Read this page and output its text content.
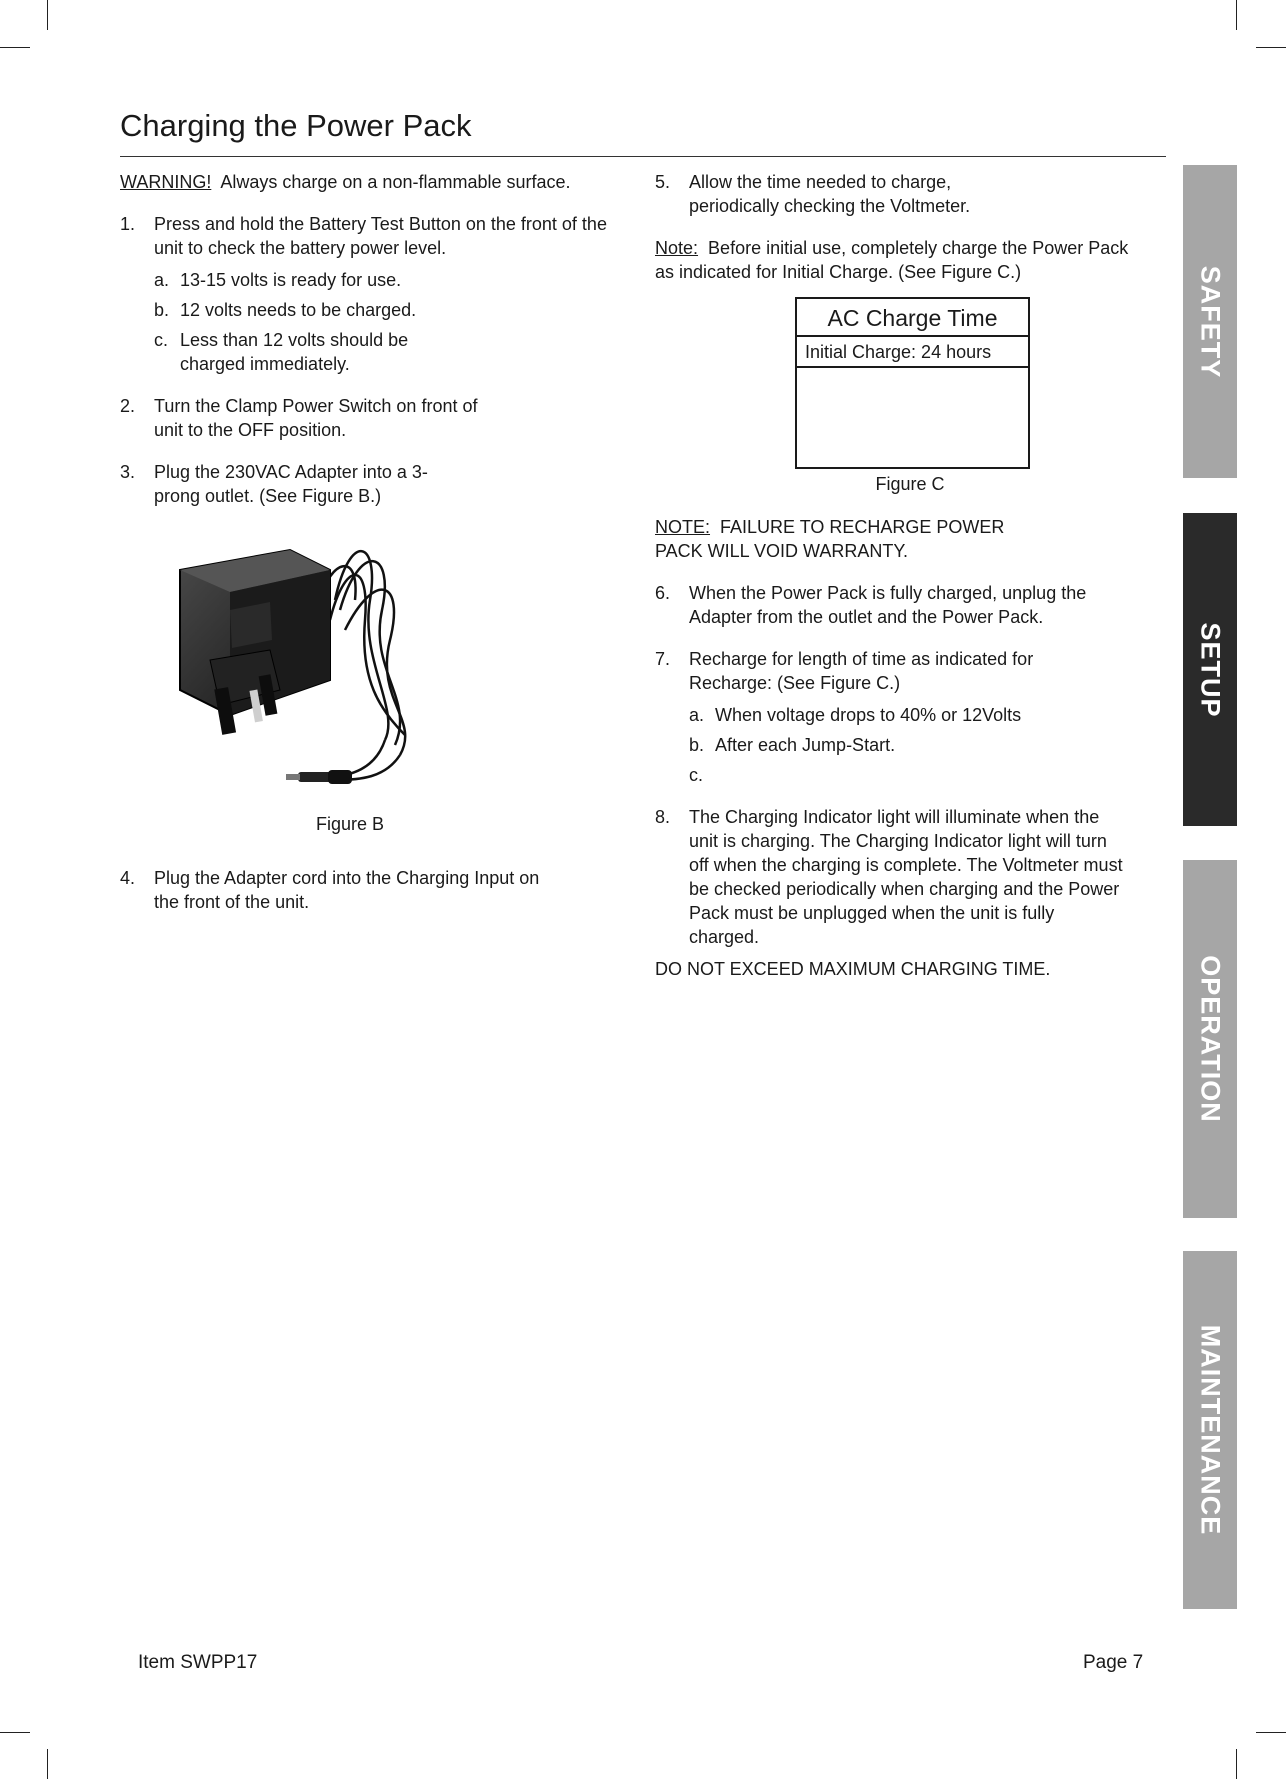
Charging the Power Pack

WARNING! Always charge on a non-flammable surface.

1.	Press and hold the Battery Test Button on the front of the unit to check the battery power level.
a. 13-15 volts is ready for use.
b. 12 volts needs to be charged.
c. Less than 12 volts should be charged immediately.
2.	Turn the Clamp Power Switch on front of unit to the OFF position.
3.	Plug the 230VAC Adapter into a 3-prong outlet. (See Figure B.)
Figure B
4.	Plug the Adapter cord into the Charging Input on the front of the unit.
5.	Allow the time needed to charge, periodically checking the Voltmeter.

Note: Before initial use, completely charge the Power Pack as indicated for Initial Charge. (See Figure C.)

AC Charge Time
Initial Charge: 24 hours
Figure C

NOTE: FAILURE TO RECHARGE POWER PACK WILL VOID WARRANTY.

6.	When the Power Pack is fully charged, unplug the Adapter from the outlet and the Power Pack.
7.	Recharge for length of time as indicated for Recharge: (See Figure C.)
a. When voltage drops to 40% or 12Volts
b. After each Jump-Start.
c.
8.	The Charging Indicator light will illuminate when the unit is charging. The Charging Indicator light will turn off when the charging is complete. The Voltmeter must be checked periodically when charging and the Power Pack must be unplugged when the unit is fully charged.

DO NOT EXCEED MAXIMUM CHARGING TIME.

SAFETY
SETUP
OPERATION
MAINTENANCE
Item SWPP17	Page 7
